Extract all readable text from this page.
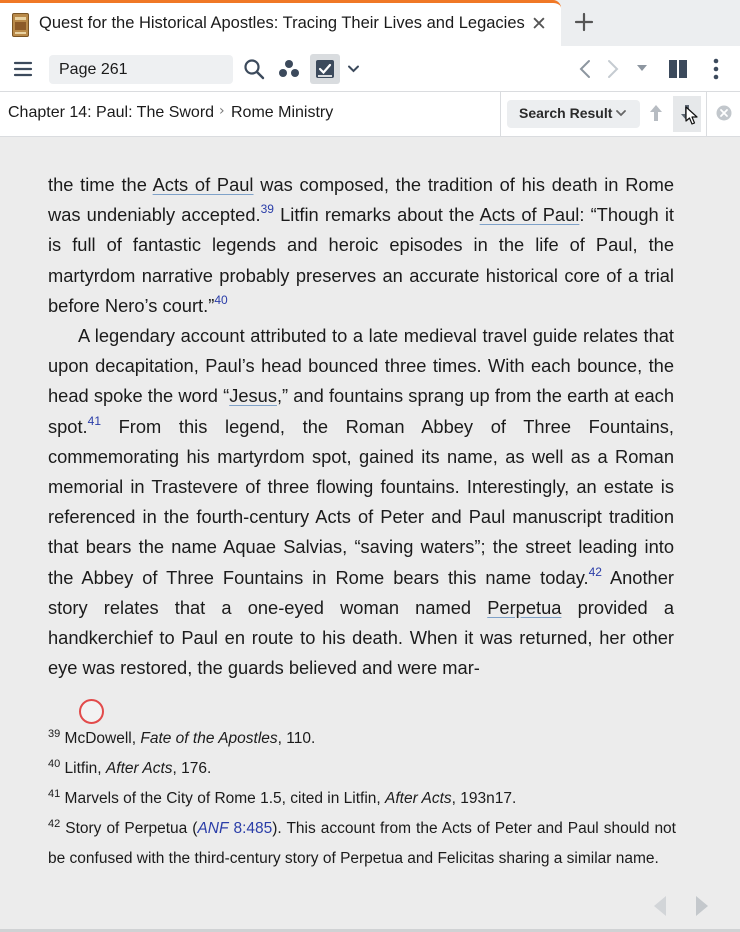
Quest for the Historical Apostles: Tracing Their Lives and Legacies ✕
Page 261
Chapter 14: Paul: The Sword › Rome Ministry	Search Result

the time the Acts of Paul was composed, the tradition of his death in Rome was undeniably accepted.$^{39}$ Litfin remarks about the Acts of Paul: “Though it is full of fantastic legends and heroic episodes in the life of Paul, the martyrdom narrative probably preserves an accurate historical core of a trial before Nero’s court.”$^{40}$

A legendary account attributed to a late medieval travel guide relates that upon decapitation, Paul’s head bounced three times. With each bounce, the head spoke the word “Jesus,” and fountains sprang up from the earth at each spot.$^{41}$ From this legend, the Roman Abbey of Three Fountains, commemorating his martyrdom spot, gained its name, as well as a Roman memorial in Trastevere of three flowing fountains. Interestingly, an estate is referenced in the fourth-century Acts of Peter and Paul manuscript tradition that bears the name Aquae Salvias, “saving waters”; the street leading into the Abbey of Three Fountains in Rome bears this name today.$^{42}$ Another story relates that a one-eyed woman named Perpetua provided a handkerchief to Paul en route to his death. When it was returned, her other eye was restored, the guards believed and were mar-

$^{39}$ McDowell, Fate of the Apostles, 110.

$^{40}$ Litfin, After Acts, 176.

$^{41}$ Marvels of the City of Rome 1.5, cited in Litfin, After Acts, 193n17.

$^{42}$ Story of Perpetua (ANF 8:485). This account from the Acts of Peter and Paul should not be confused with the third-century story of Perpetua and Felicitas sharing a similar name.
